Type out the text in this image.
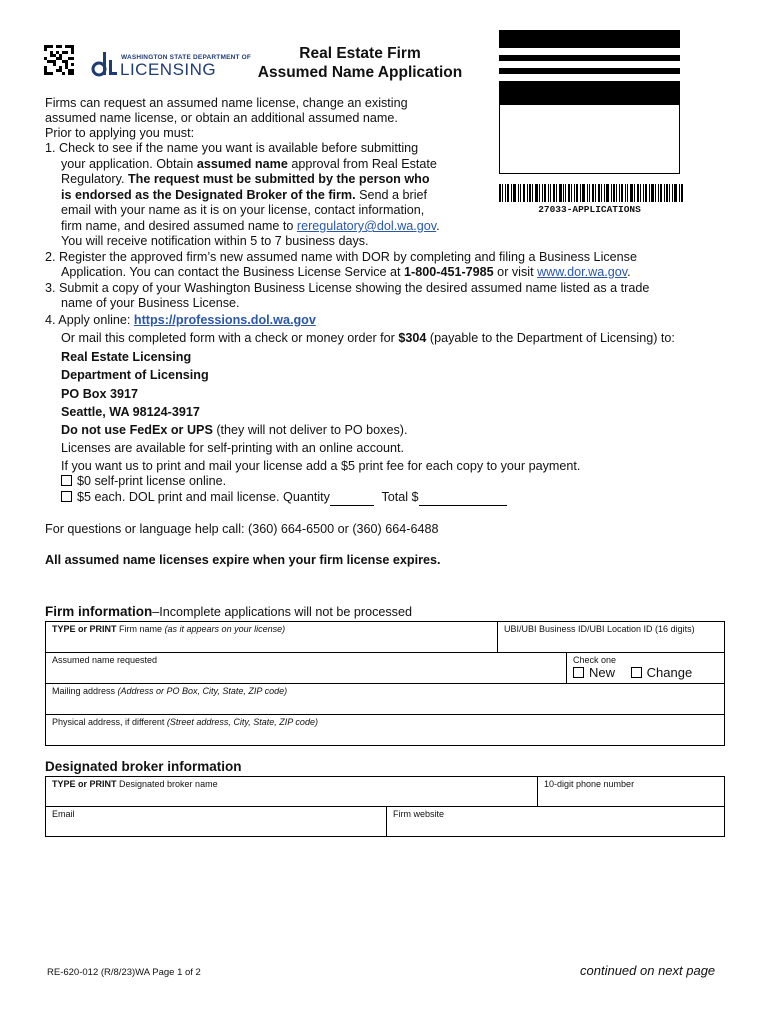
WASHINGTON STATE DEPARTMENT OF
LICENSING
Real Estate Firm
Assumed Name Application
27033-APPLICATIONS
Firms can request an assumed name license, change an existing
assumed name license, or obtain an additional assumed name.
Prior to applying you must:
1. Check to see if the name you want is available before submitting
your application. Obtain assumed name approval from Real Estate
Regulatory. The request must be submitted by the person who
is endorsed as the Designated Broker of the firm. Send a brief
email with your name as it is on your license, contact information,
firm name, and desired assumed name to reregulatory@dol.wa.gov.
You will receive notification within 5 to 7 business days.
2. Register the approved firm’s new assumed name with DOR by completing and filing a Business License
Application. You can contact the Business License Service at 1-800-451-7985 or visit www.dor.wa.gov.
3. Submit a copy of your Washington Business License showing the desired assumed name listed as a trade
name of your Business License.
4. Apply online: https://professions.dol.wa.gov
Or mail this completed form with a check or money order for $304 (payable to the Department of Licensing) to:
Real Estate Licensing
Department of Licensing
PO Box 3917
Seattle, WA 98124-3917
Do not use FedEx or UPS (they will not deliver to PO boxes).
Licenses are available for self-printing with an online account.
If you want us to print and mail your license add a $5 print fee for each copy to your payment.
$0 self-print license online.
$5 each. DOL print and mail license. Quantity	Total $
For questions or language help call: (360) 664-6500 or (360) 664-6488
All assumed name licenses expire when your firm license expires.
Firm information–Incomplete applications will not be processed
TYPE or PRINT Firm name (as it appears on your license)	UBI/UBI Business ID/UBI Location ID (16 digits)
Assumed name requested	Check one
New Change
Mailing address (Address or PO Box, City, State, ZIP code)
Physical address, if different (Street address, City, State, ZIP code)
Designated broker information
TYPE or PRINT Designated broker name	10-digit phone number
Email	Firm website
RE-620-012 (R/8/23)WA Page 1 of 2	continued on next page
